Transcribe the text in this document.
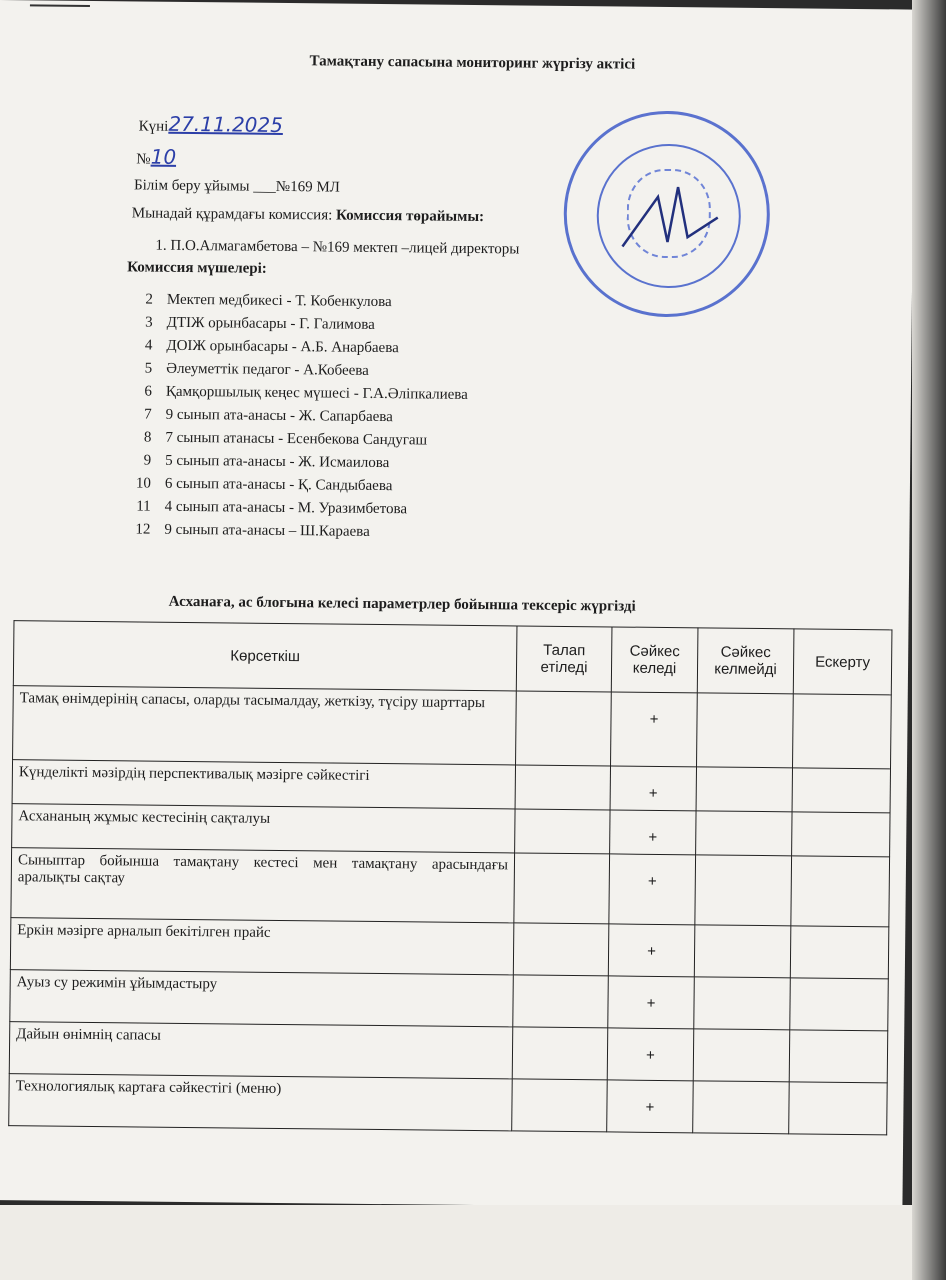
Тамақтану сапасына мониторинг жүргізу актісі
Күні27.11.2025
№10
Білім беру ұйымы ___№169 МЛ
Мынадай құрамдағы комиссия: Комиссия төрайымы:
1. П.О.Алмагамбетова – №169 мектеп –лицей директоры
Комиссия мүшелері:
2 Мектеп медбикесі - Т. Кобенкулова
3 ДТІЖ орынбасары - Г. Галимова
4 ДОІЖ орынбасары - А.Б. Анарбаева
5 Әлеуметтік педагог - А.Кобеева
6 Қамқоршылық кеңес мүшесі - Г.А.Әліпкалиева
7 9 сынып ата-анасы - Ж. Сапарбаева
8 7 сынып атанасы - Есенбекова Сандугаш
9 5 сынып ата-анасы - Ж. Исмаилова
10 6 сынып ата-анасы - Қ. Сандыбаева
11 4 сынып ата-анасы - М. Уразимбетова
12 9 сынып ата-анасы – Ш.Караева
Асханаға, ас блогына келесі параметрлер бойынша тексеріс жүргізді
Көрсеткіш	Талап етіледі	Сәйкес келеді	Сәйкес келмейді	Ескерту
Тамақ өнімдерінің сапасы, оларды тасымалдау, жеткізу, түсіру шарттары		+		
Күнделікті мәзірдің перспективалық мәзірге сәйкестігі		+		
Асхананың жұмыс кестесінің сақталуы		+		
Сыныптар бойынша тамақтану кестесі мен тамақтану арасындағы аралықты сақтау		+		
Еркін мәзірге арналып бекітілген прайс		+		
Ауыз су режимін ұйымдастыру		+		
Дайын өнімнің сапасы		+		
Технологиялық картаға сәйкестігі (меню)		+		
